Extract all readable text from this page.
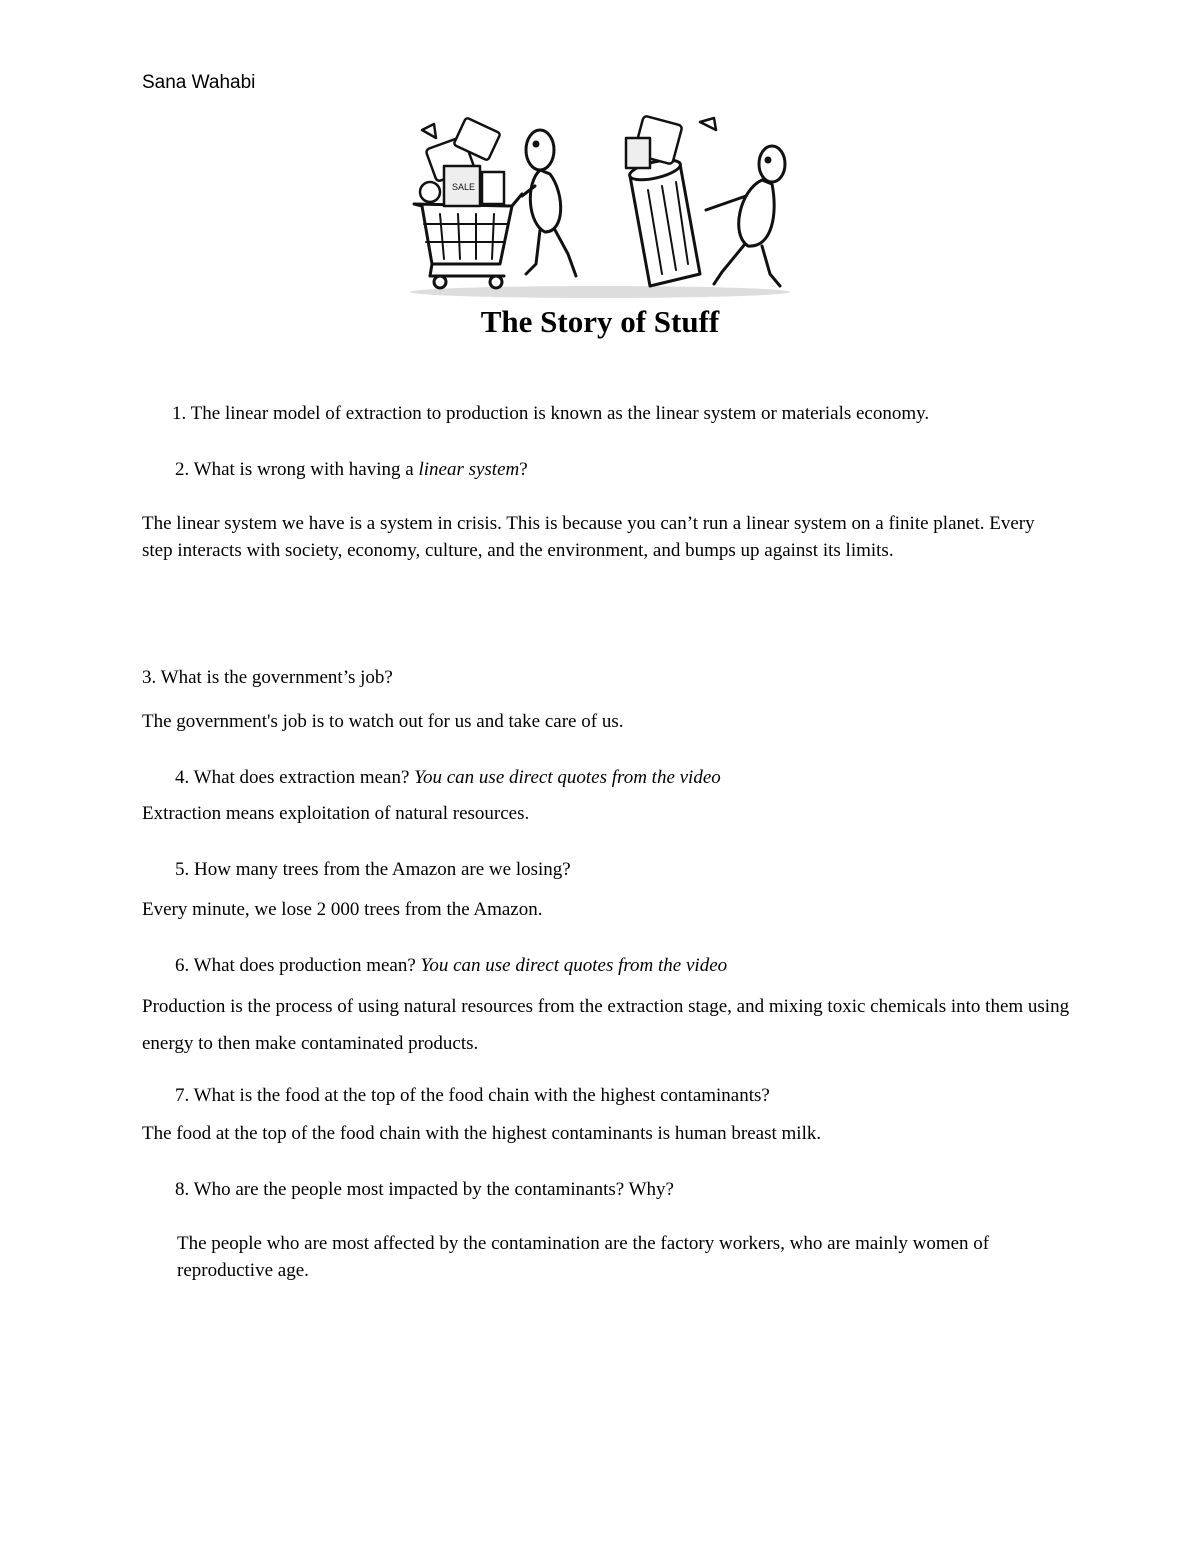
Sana Wahabi
SALE
The Story of Stuff
1. The linear model of extraction to production is known as the linear system or materials economy.
2. What is wrong with having a linear system?
The linear system we have is a system in crisis. This is because you can’t run a linear system on a finite planet. Every step interacts with society, economy, culture, and the environment, and bumps up against its limits.
3. What is the government’s job?
The government's job is to watch out for us and take care of us.
4. What does extraction mean? You can use direct quotes from the video
Extraction means exploitation of natural resources.
5. How many trees from the Amazon are we losing?
Every minute, we lose 2 000 trees from the Amazon.
6. What does production mean? You can use direct quotes from the video
Production is the process of using natural resources from the extraction stage, and mixing toxic chemicals into them using energy to then make contaminated products.
7. What is the food at the top of the food chain with the highest contaminants?
The food at the top of the food chain with the highest contaminants is human breast milk.
8. Who are the people most impacted by the contaminants? Why?
The people who are most affected by the contamination are the factory workers, who are mainly women of reproductive age.
